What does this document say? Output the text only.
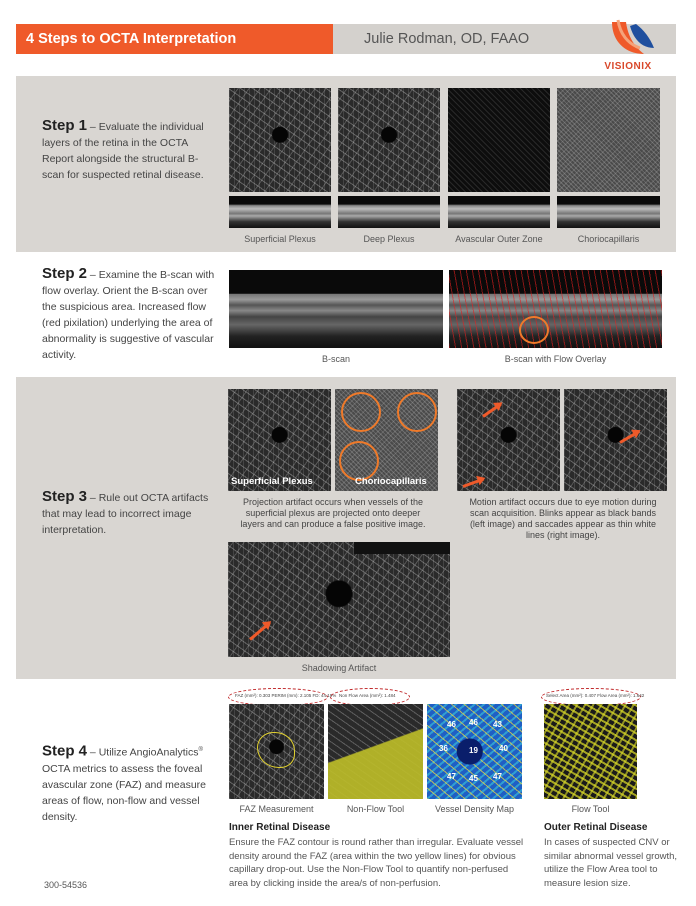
4 Steps to OCTA Interpretation	Julie Rodman, OD, FAAO
VISIONIX
Step 1 – Evaluate the individual layers of the retina in the OCTA Report alongside the structural B-scan for suspected retinal disease.
Superficial Plexus	Deep Plexus	Avascular Outer Zone	Choriocapillaris
Step 2 – Examine the B-scan with flow overlay. Orient the B-scan over the suspicious area. Increased flow (red pixilation) underlying the area of abnormality is suggestive of vascular activity.	B-scan	B-scan with Flow Overlay
Step 3 – Rule out OCTA artifacts that may lead to incorrect image interpretation.
Superficial Plexus	Choriocapillaris
Projection artifact occurs when vessels of the superficial plexus are projected onto deeper layers and can produce a false positive image.
Motion artifact occurs due to eye motion during scan acquisition. Blinks appear as black bands (left image) and saccades appear as thin white lines (right image).
Shadowing Artifact
Step 4 – Utilize AngioAnalytics® OCTA metrics to assess the foveal avascular zone (FAZ) and measure areas of flow, non-flow and vessel density.
FAZ (mm²): 0.303 PERIM (mm): 2.105 FD: 44.19% Non Flow Area (mm²): 1.484	Select Area (mm²): 0.407 Flow Area (mm²): 1.642
19
36	40
46
45
46	43
47	47
FAZ Measurement	Non-Flow Tool	Vessel Density Map	Flow Tool
Inner Retinal Disease
Ensure the FAZ contour is round rather than irregular. Evaluate vessel density around the FAZ (area within the two yellow lines) for obvious capillary drop-out. Use the Non-Flow Tool to quantify non-perfused area by clicking inside the area/s of non-perfusion.
Outer Retinal Disease
In cases of suspected CNV or similar abnormal vessel growth, utilize the Flow Area tool to measure lesion size.
300-54536
